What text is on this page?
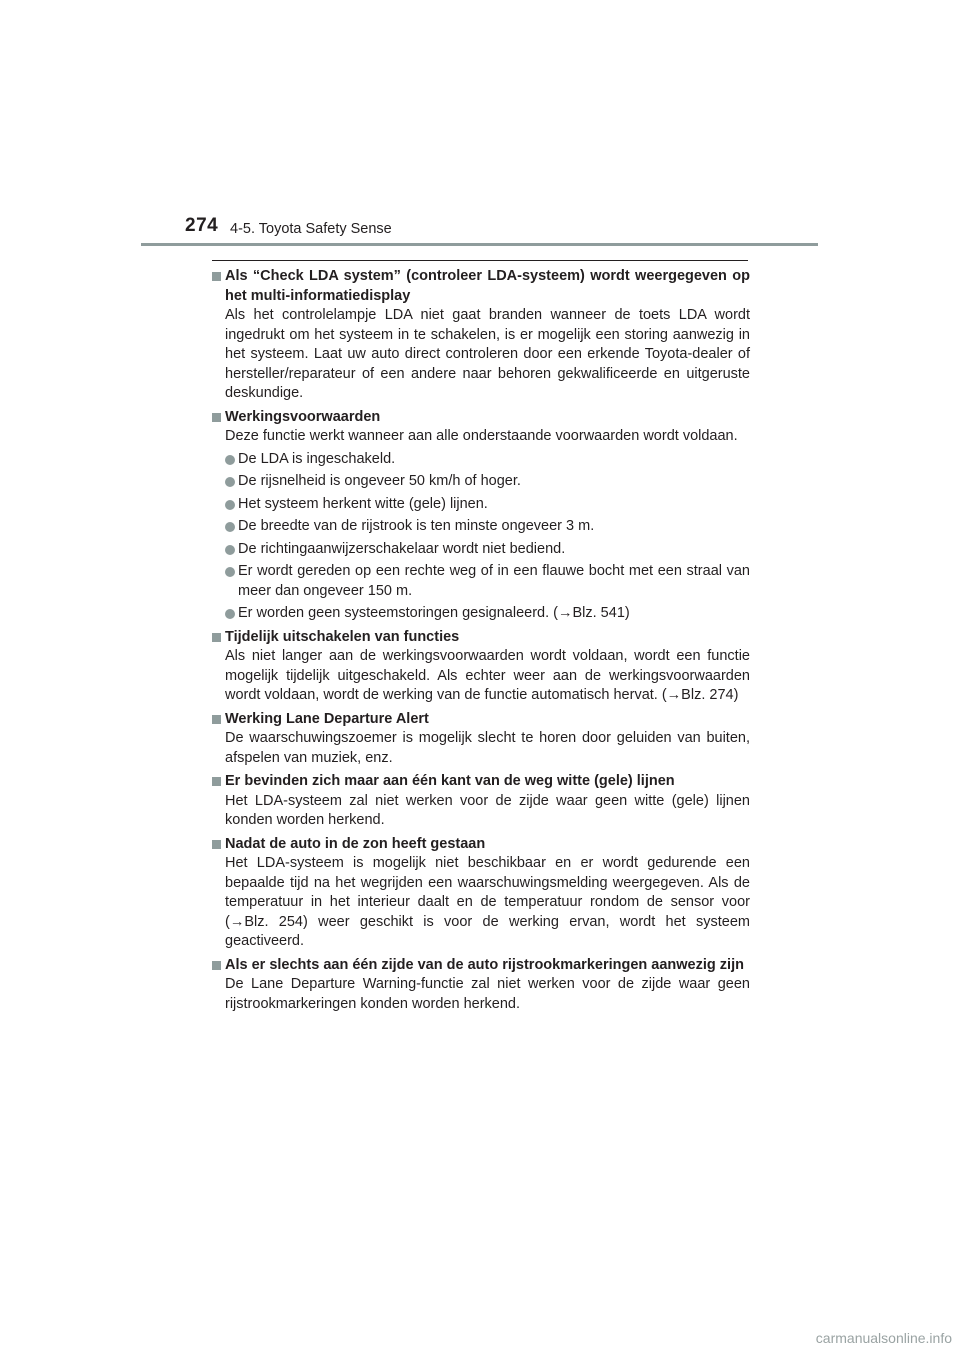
274 4-5. Toyota Safety Sense
Als “Check LDA system” (controleer LDA-systeem) wordt weergegeven op het multi-informatiedisplay
Als het controlelampje LDA niet gaat branden wanneer de toets LDA wordt ingedrukt om het systeem in te schakelen, is er mogelijk een storing aanwezig in het systeem. Laat uw auto direct controleren door een erkende Toyota-dealer of hersteller/reparateur of een andere naar behoren gekwalificeerde en uitgeruste deskundige.
Werkingsvoorwaarden
Deze functie werkt wanneer aan alle onderstaande voorwaarden wordt voldaan.
De LDA is ingeschakeld.
De rijsnelheid is ongeveer 50 km/h of hoger.
Het systeem herkent witte (gele) lijnen.
De breedte van de rijstrook is ten minste ongeveer 3 m.
De richtingaanwijzerschakelaar wordt niet bediend.
Er wordt gereden op een rechte weg of in een flauwe bocht met een straal van meer dan ongeveer 150 m.
Er worden geen systeemstoringen gesignaleerd. (→Blz. 541)
Tijdelijk uitschakelen van functies
Als niet langer aan de werkingsvoorwaarden wordt voldaan, wordt een functie mogelijk tijdelijk uitgeschakeld. Als echter weer aan de werkingsvoorwaarden wordt voldaan, wordt de werking van de functie automatisch hervat. (→Blz. 274)
Werking Lane Departure Alert
De waarschuwingszoemer is mogelijk slecht te horen door geluiden van buiten, afspelen van muziek, enz.
Er bevinden zich maar aan één kant van de weg witte (gele) lijnen
Het LDA-systeem zal niet werken voor de zijde waar geen witte (gele) lijnen konden worden herkend.
Nadat de auto in de zon heeft gestaan
Het LDA-systeem is mogelijk niet beschikbaar en er wordt gedurende een bepaalde tijd na het wegrijden een waarschuwingsmelding weergegeven. Als de temperatuur in het interieur daalt en de temperatuur rondom de sensor voor (→Blz. 254) weer geschikt is voor de werking ervan, wordt het systeem geactiveerd.
Als er slechts aan één zijde van de auto rijstrookmarkeringen aanwezig zijn
De Lane Departure Warning-functie zal niet werken voor de zijde waar geen rijstrookmarkeringen konden worden herkend.
carmanualsonline.info
